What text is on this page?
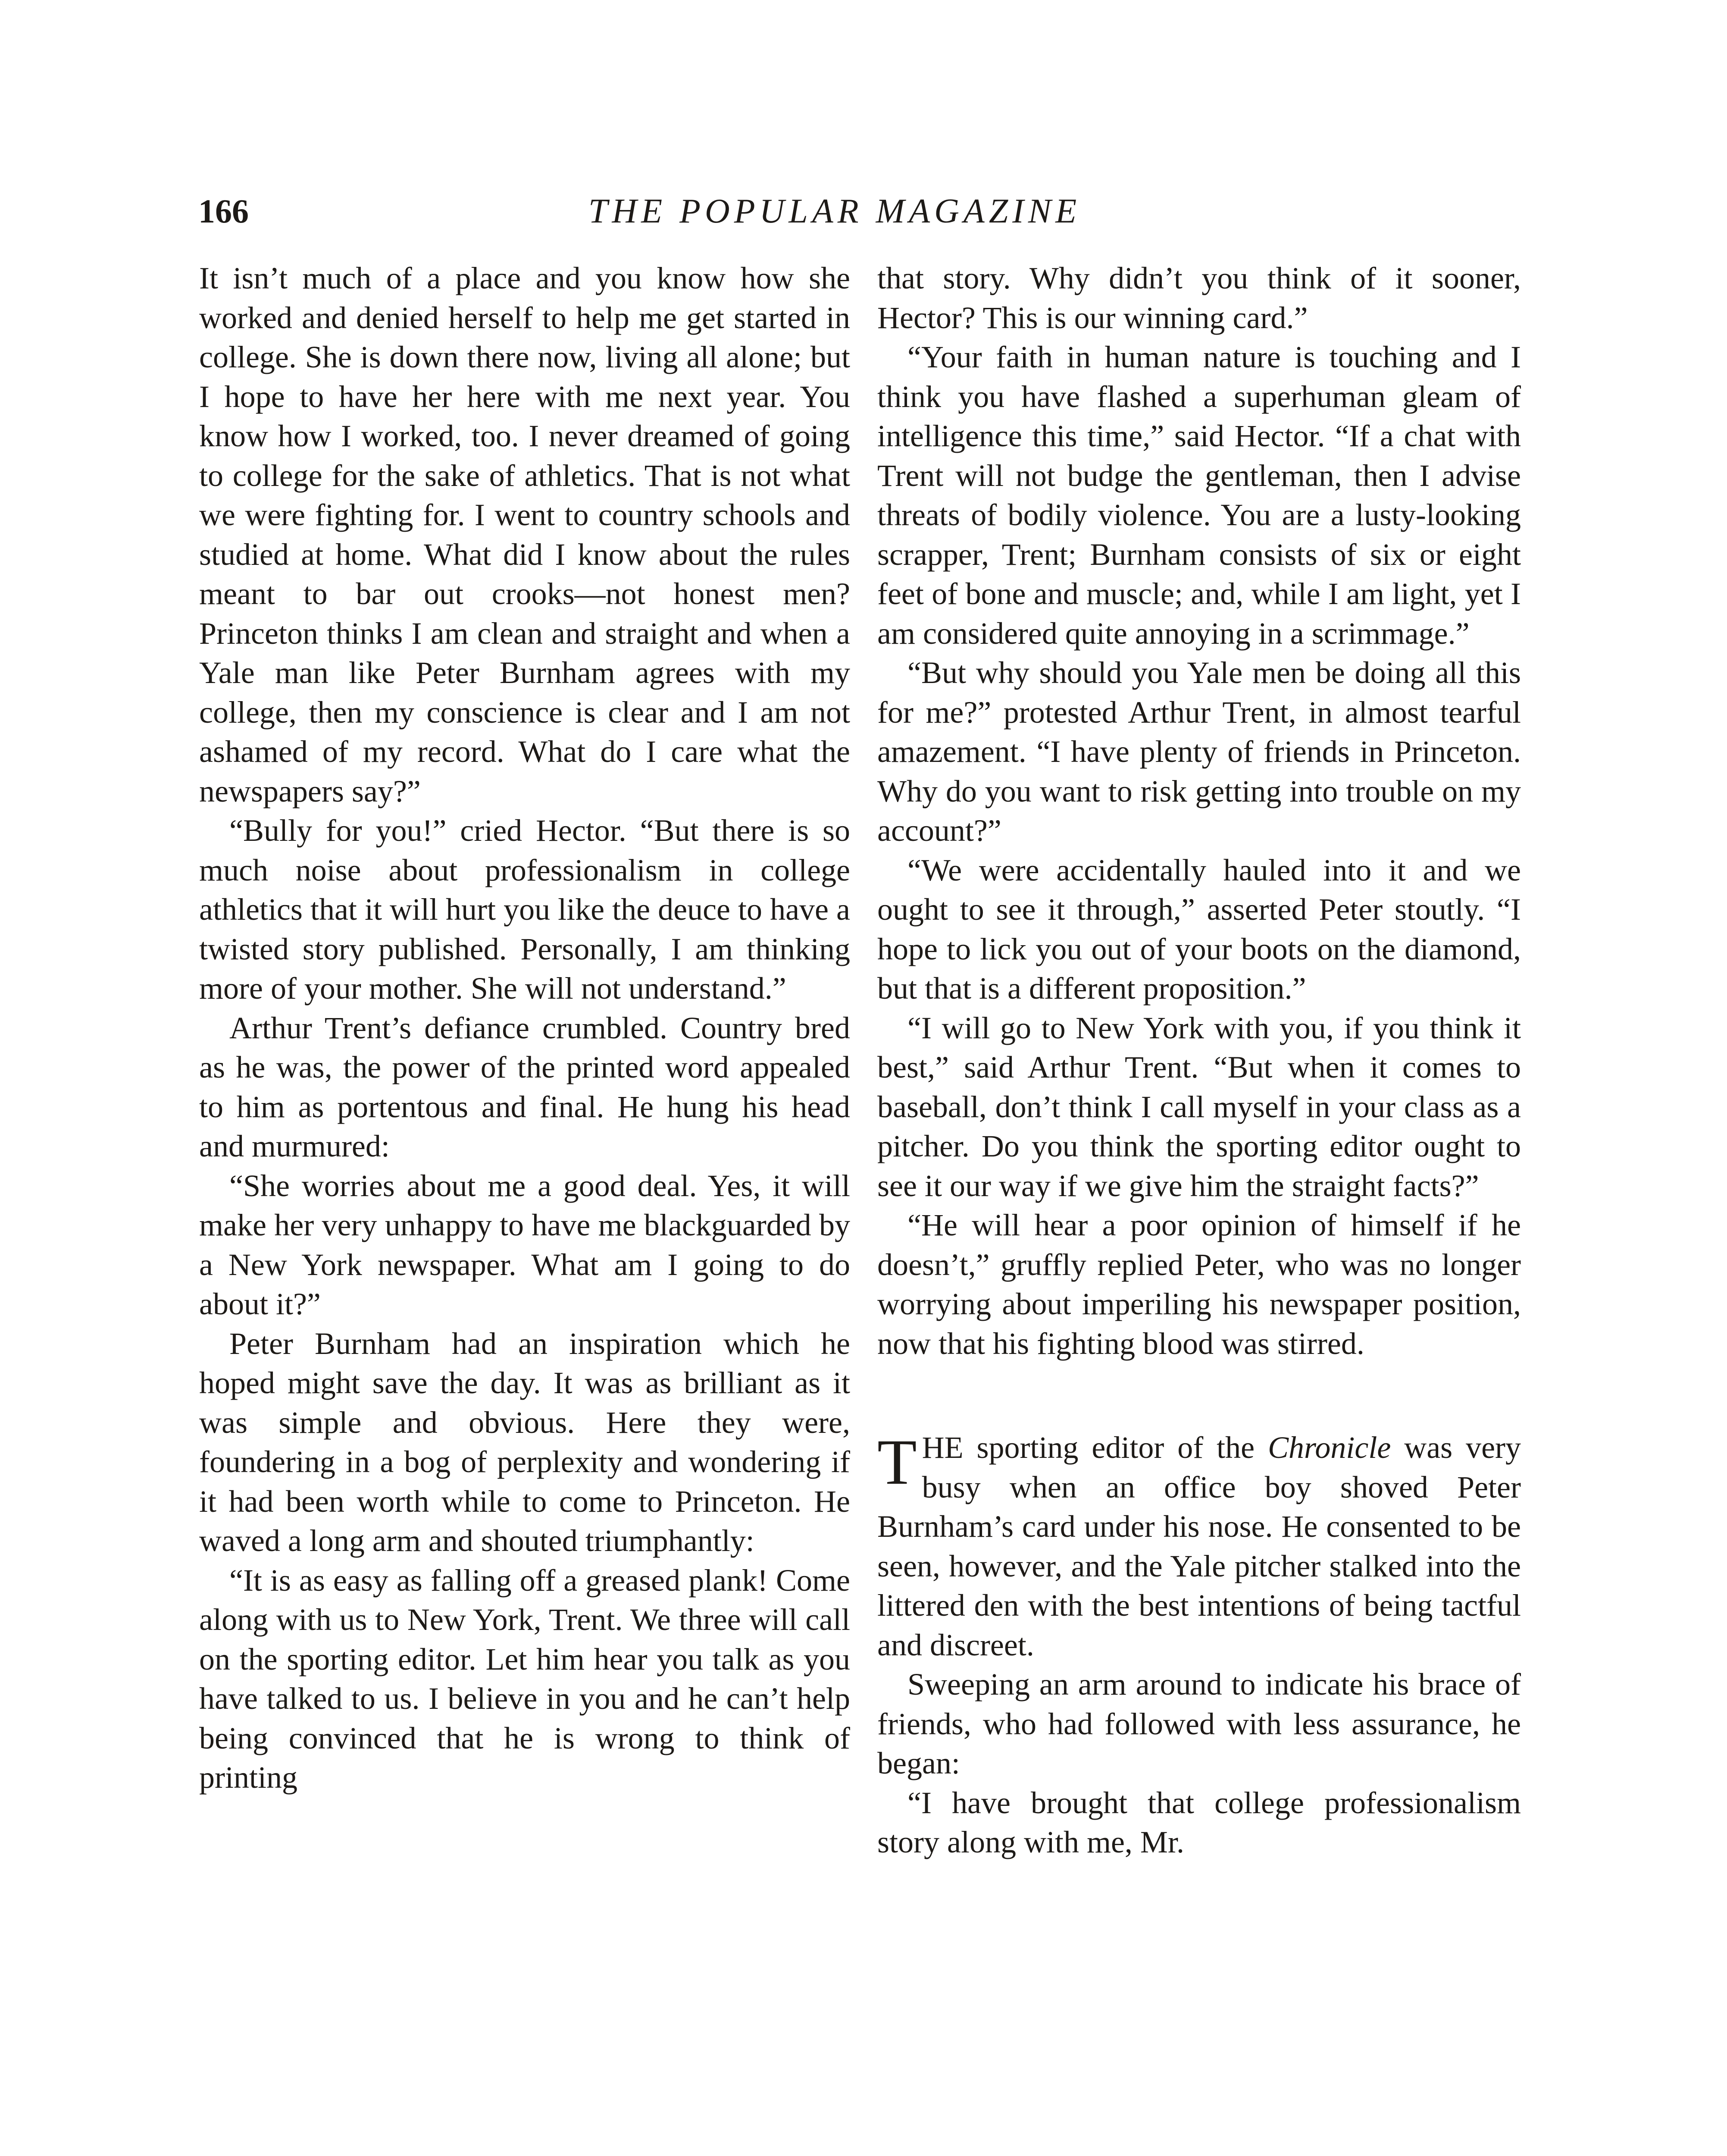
166	THE POPULAR MAGAZINE

It isn’t much of a place and you know how she worked and denied herself to help me get started in college. She is down there now, living all alone; but I hope to have her here with me next year. You know how I worked, too. I never dreamed of going to college for the sake of athletics. That is not what we were fighting for. I went to country schools and studied at home. What did I know about the rules meant to bar out crooks—not honest men? Princeton thinks I am clean and straight and when a Yale man like Peter Burnham agrees with my college, then my conscience is clear and I am not ashamed of my record. What do I care what the newspapers say?”

“Bully for you!” cried Hector. “But there is so much noise about professionalism in college athletics that it will hurt you like the deuce to have a twisted story published. Personally, I am thinking more of your mother. She will not understand.”

Arthur Trent’s defiance crumbled. Country bred as he was, the power of the printed word appealed to him as portentous and final. He hung his head and murmured:

“She worries about me a good deal. Yes, it will make her very unhappy to have me blackguarded by a New York newspaper. What am I going to do about it?”

Peter Burnham had an inspiration which he hoped might save the day. It was as brilliant as it was simple and obvious. Here they were, foundering in a bog of perplexity and wondering if it had been worth while to come to Princeton. He waved a long arm and shouted triumphantly:

“It is as easy as falling off a greased plank! Come along with us to New York, Trent. We three will call on the sporting editor. Let him hear you talk as you have talked to us. I believe in you and he can’t help being convinced that he is wrong to think of printing

that story. Why didn’t you think of it sooner, Hector? This is our winning card.”

“Your faith in human nature is touching and I think you have flashed a superhuman gleam of intelligence this time,” said Hector. “If a chat with Trent will not budge the gentleman, then I advise threats of bodily violence. You are a lusty-looking scrapper, Trent; Burnham consists of six or eight feet of bone and muscle; and, while I am light, yet I am considered quite annoying in a scrimmage.”

“But why should you Yale men be doing all this for me?” protested Arthur Trent, in almost tearful amazement. “I have plenty of friends in Princeton. Why do you want to risk getting into trouble on my account?”

“We were accidentally hauled into it and we ought to see it through,” asserted Peter stoutly. “I hope to lick you out of your boots on the diamond, but that is a different proposition.”

“I will go to New York with you, if you think it best,” said Arthur Trent. “But when it comes to baseball, don’t think I call myself in your class as a pitcher. Do you think the sporting editor ought to see it our way if we give him the straight facts?”

“He will hear a poor opinion of himself if he doesn’t,” gruffly replied Peter, who was no longer worrying about imperiling his newspaper position, now that his fighting blood was stirred.

THE sporting editor of the Chronicle was very busy when an office boy shoved Peter Burnham’s card under his nose. He consented to be seen, however, and the Yale pitcher stalked into the littered den with the best intentions of being tactful and discreet.

Sweeping an arm around to indicate his brace of friends, who had followed with less assurance, he began:

“I have brought that college professionalism story along with me, Mr.
